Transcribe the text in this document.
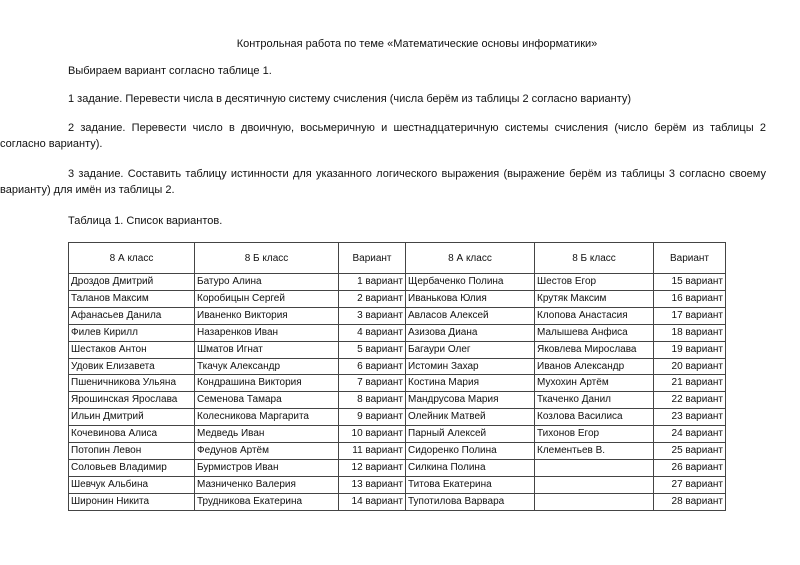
Контрольная работа по теме «Математические основы информатики»
Выбираем вариант согласно таблице 1.
1 задание. Перевести числа в десятичную систему счисления (числа берём из таблицы 2 согласно варианту)
2 задание. Перевести число в двоичную, восьмеричную и шестнадцатеричную системы счисления (число берём из таблицы 2 согласно варианту).
3 задание. Составить таблицу истинности для указанного логического выражения (выражение берём из таблицы 3 согласно своему варианту) для имён из таблицы 2.
Таблица 1. Список вариантов.
8 А класс	8 Б класс	Вариант	8 А класс	8 Б класс	Вариант
Дроздов Дмитрий	Батуро Алина	1 вариант	Щербаченко Полина	Шестов Егор	15 вариант
Таланов Максим	Коробицын Сергей	2 вариант	Иванькова Юлия	Крутяк Максим	16 вариант
Афанасьев Данила	Иваненко Виктория	3 вариант	Авласов Алексей	Клопова Анастасия	17 вариант
Филев Кирилл	Назаренков Иван	4 вариант	Азизова Диана	Малышева Анфиса	18 вариант
Шестаков Антон	Шматов Игнат	5 вариант	Багаури Олег	Яковлева Мирослава	19 вариант
Удовик Елизавета	Ткачук Александр	6 вариант	Истомин Захар	Иванов Александр	20 вариант
Пшеничникова Ульяна	Кондрашина Виктория	7 вариант	Костина Мария	Мухохин Артём	21 вариант
Ярошинская Ярослава	Семенова Тамара	8 вариант	Мандрусова Мария	Ткаченко Данил	22 вариант
Ильин Дмитрий	Колесникова Маргарита	9 вариант	Олейник Матвей	Козлова Василиса	23 вариант
Кочевинова Алиса	Медведь Иван	10 вариант	Парный Алексей	Тихонов Егор	24 вариант
Потопин Левон	Федунов Артём	11 вариант	Сидоренко Полина	Клементьев В.	25 вариант
Соловьев Владимир	Бурмистров Иван	12 вариант	Силкина Полина		26 вариант
Шевчук Альбина	Мазниченко Валерия	13 вариант	Титова Екатерина		27 вариант
Широнин Никита	Трудникова Екатерина	14 вариант	Тупотилова Варвара		28 вариант
